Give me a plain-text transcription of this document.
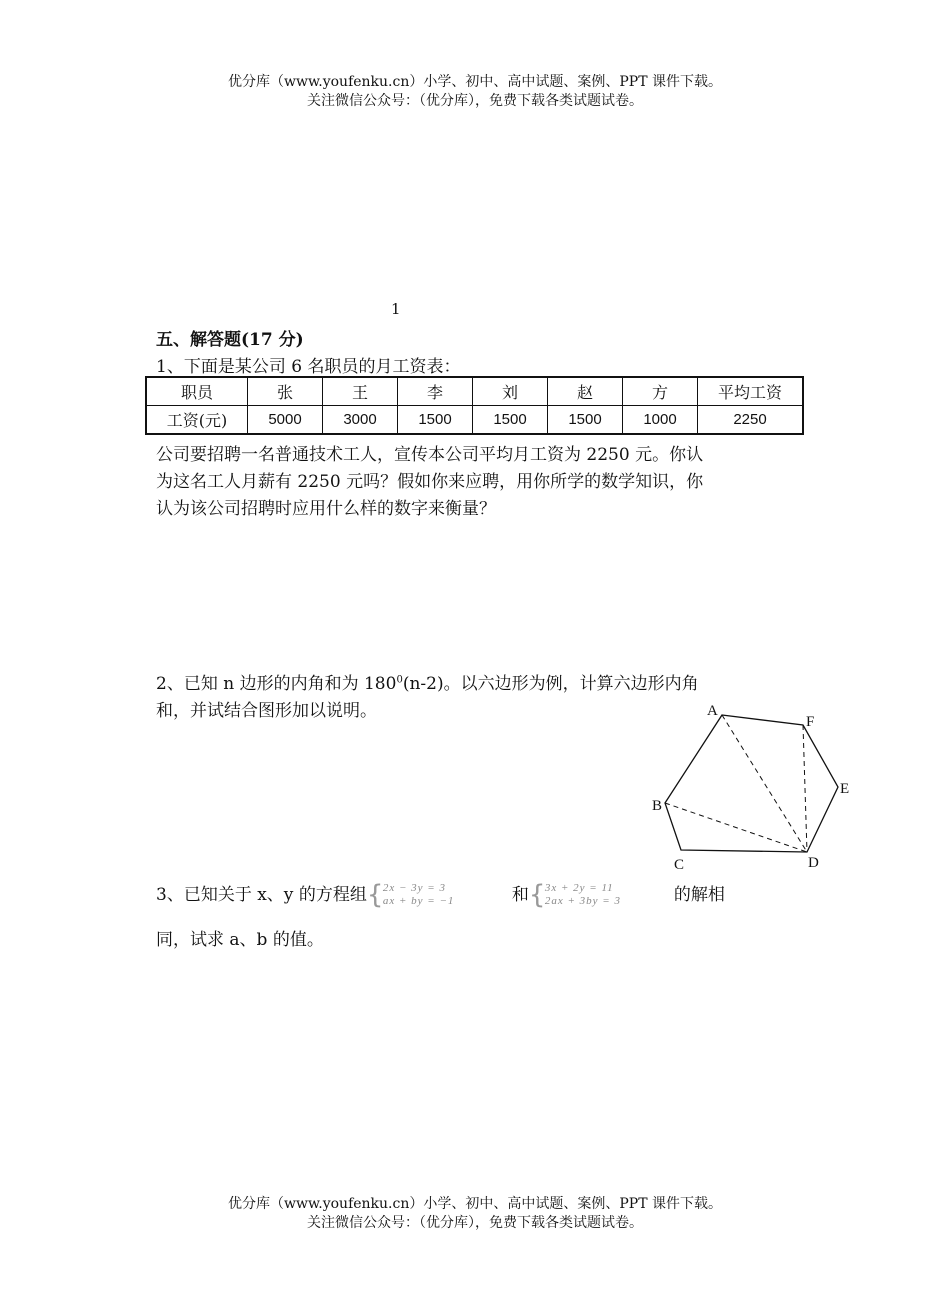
优分库（www.youfenku.cn）小学、初中、高中试题、案例、PPT 课件下载。
关注微信公众号：（优分库），免费下载各类试题试卷。
1
五、解答题(17 分)
1、下面是某公司 6 名职员的月工资表：
职员	张	王	李	刘	赵	方	平均工资
工资(元)	5000	3000	1500	1500	1500	1000	2250
公司要招聘一名普通技术工人，宣传本公司平均月工资为 2250 元。你认
为这名工人月薪有 2250 元吗？假如你来应聘，用你所学的数学知识，你
认为该公司招聘时应用什么样的数字来衡量？
2、已知 n 边形的内角和为 $180^0(n-2)$。以六边形为例，计算六边形内角
和，并试结合图形加以说明。	A
F
E
B
C	D
3、已知关于 x、y 的方程组 { 2x − 3y = 3
ax + by = −1	和 { 3x + 2y = 11
2ax + 3by = 3	的解相
同，试求 a、b 的值。
优分库（www.youfenku.cn）小学、初中、高中试题、案例、PPT 课件下载。
关注微信公众号：（优分库），免费下载各类试题试卷。
